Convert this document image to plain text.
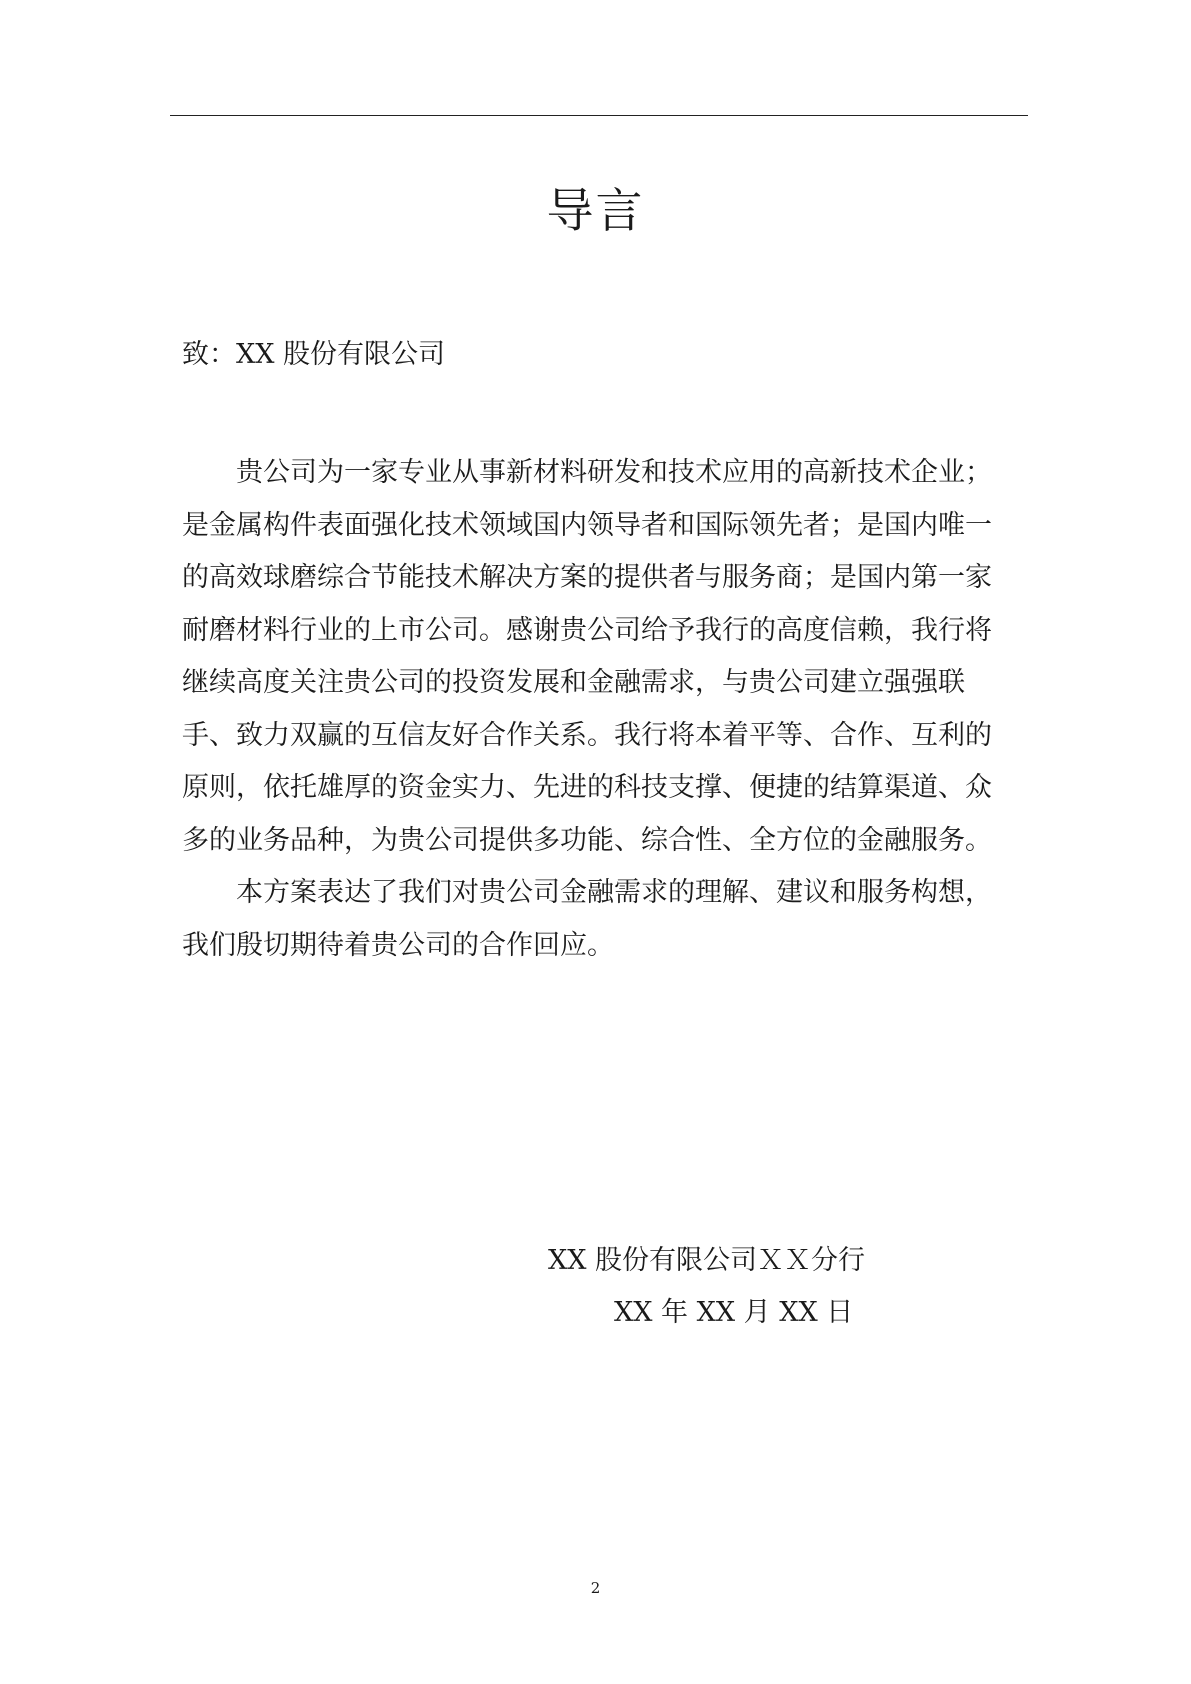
导言

致：XX 股份有限公司

贵公司为一家专业从事新材料研发和技术应用的高新技术企业；
是金属构件表面强化技术领域国内领导者和国际领先者；是国内唯一
的高效球磨综合节能技术解决方案的提供者与服务商；是国内第一家
耐磨材料行业的上市公司。感谢贵公司给予我行的高度信赖，我行将
继续高度关注贵公司的投资发展和金融需求，与贵公司建立强强联
手、致力双赢的互信友好合作关系。我行将本着平等、合作、互利的
原则，依托雄厚的资金实力、先进的科技支撑、便捷的结算渠道、众
多的业务品种，为贵公司提供多功能、综合性、全方位的金融服务。

本方案表达了我们对贵公司金融需求的理解、建议和服务构想，
我们殷切期待着贵公司的合作回应。

XX 股份有限公司ＸＸ分行

XX 年 XX 月 XX 日

2
